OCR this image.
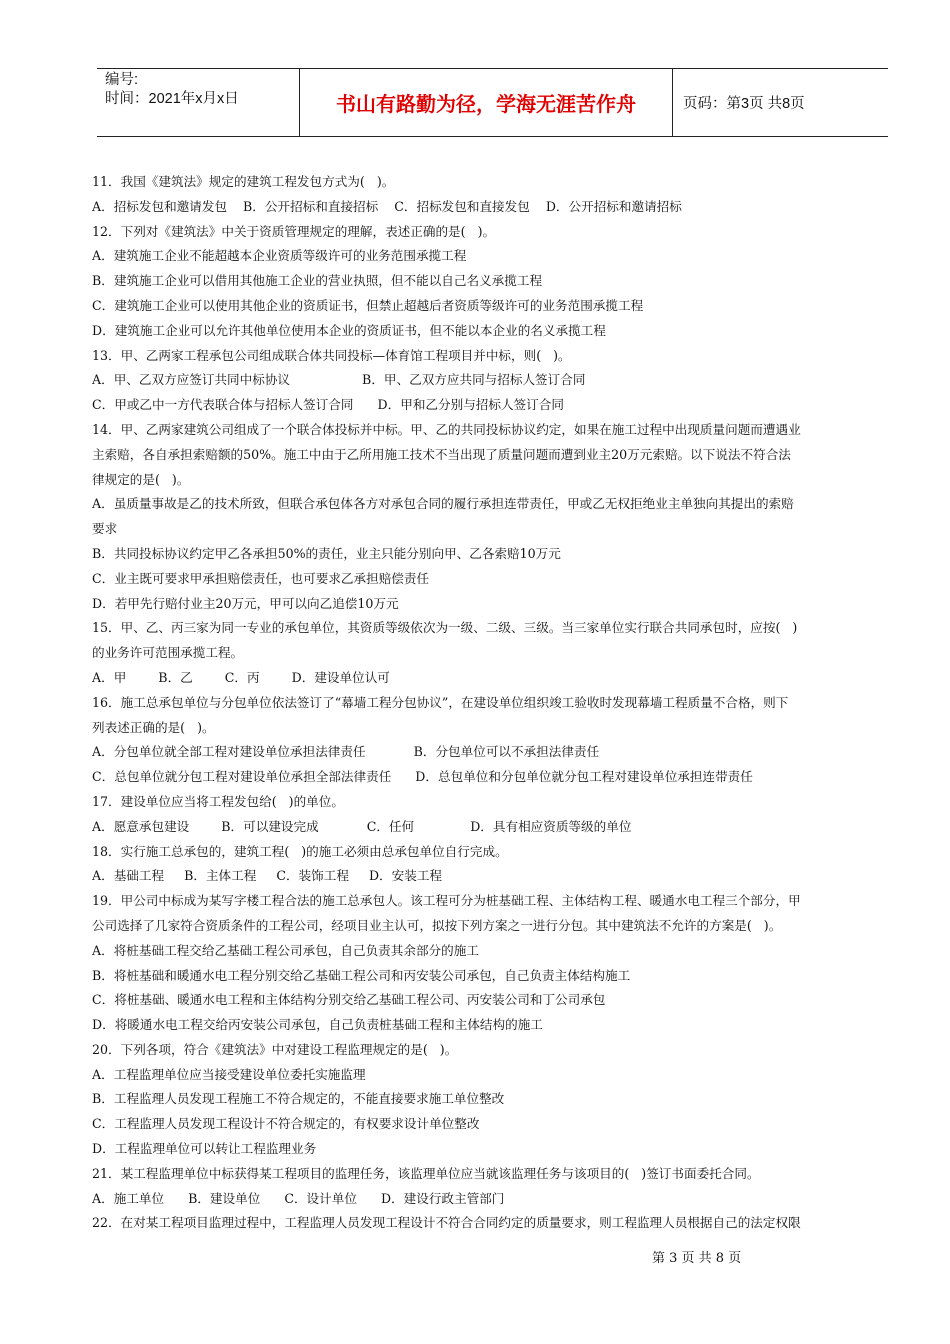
编号:
时间：2021年x月x日	书山有路勤为径，学海无涯苦作舟	页码：第3页 共8页
11．我国《建筑法》规定的建筑工程发包方式为(   )。
A．招标发包和邀请发包    B．公开招标和直接招标    C．招标发包和直接发包    D．公开招标和邀请招标
12．下列对《建筑法》中关于资质管理规定的理解，表述正确的是(   )。
A．建筑施工企业不能超越本企业资质等级许可的业务范围承揽工程
B．建筑施工企业可以借用其他施工企业的营业执照，但不能以自己名义承揽工程
C．建筑施工企业可以使用其他企业的资质证书，但禁止超越后者资质等级许可的业务范围承揽工程
D．建筑施工企业可以允许其他单位使用本企业的资质证书，但不能以本企业的名义承揽工程
13．甲、乙两家工程承包公司组成联合体共同投标—体育馆工程项目并中标，则(   )。
A．甲、乙双方应签订共同中标协议                  B．甲、乙双方应共同与招标人签订合同
C．甲或乙中一方代表联合体与招标人签订合同      D．甲和乙分别与招标人签订合同
14．甲、乙两家建筑公司组成了一个联合体投标并中标。甲、乙的共同投标协议约定，如果在施工过程中出现质量问题而遭遇业
主索赔，各自承担索赔额的50%。施工中由于乙所用施工技术不当出现了质量问题而遭到业主20万元索赔。以下说法不符合法
律规定的是(   )。
A．虽质量事故是乙的技术所致，但联合承包体各方对承包合同的履行承担连带责任，甲或乙无权拒绝业主单独向其提出的索赔
要求
B．共同投标协议约定甲乙各承担50%的责任，业主只能分别向甲、乙各索赔10万元
C．业主既可要求甲承担赔偿责任，也可要求乙承担赔偿责任
D．若甲先行赔付业主20万元，甲可以向乙追偿10万元
15．甲、乙、丙三家为同一专业的承包单位，其资质等级依次为一级、二级、三级。当三家单位实行联合共同承包时，应按(   )
的业务许可范围承揽工程。
A．甲        B．乙        C．丙        D．建设单位认可
16．施工总承包单位与分包单位依法签订了“幕墙工程分包协议”，在建设单位组织竣工验收时发现幕墙工程质量不合格，则下
列表述正确的是(   )。
A．分包单位就全部工程对建设单位承担法律责任            B．分包单位可以不承担法律责任
C．总包单位就分包工程对建设单位承担全部法律责任      D．总包单位和分包单位就分包工程对建设单位承担连带责任
17．建设单位应当将工程发包给(   )的单位。
A．愿意承包建设        B．可以建设完成            C．任何              D．具有相应资质等级的单位
18．实行施工总承包的，建筑工程(   )的施工必须由总承包单位自行完成。
A．基础工程     B．主体工程     C．装饰工程     D．安装工程
19．甲公司中标成为某写字楼工程合法的施工总承包人。该工程可分为桩基础工程、主体结构工程、暖通水电工程三个部分，甲
公司选择了几家符合资质条件的工程公司，经项目业主认可，拟按下列方案之一进行分包。其中建筑法不允许的方案是(   )。
A．将桩基础工程交给乙基础工程公司承包，自己负责其余部分的施工
B．将桩基础和暖通水电工程分别交给乙基础工程公司和丙安装公司承包，自己负责主体结构施工
C．将桩基础、暖通水电工程和主体结构分别交给乙基础工程公司、丙安装公司和丁公司承包
D．将暖通水电工程交给丙安装公司承包，自己负责桩基础工程和主体结构的施工
20．下列各项，符合《建筑法》中对建设工程监理规定的是(   )。
A．工程监理单位应当接受建设单位委托实施监理
B．工程监理人员发现工程施工不符合规定的，不能直接要求施工单位整改
C．工程监理人员发现工程设计不符合规定的，有权要求设计单位整改
D．工程监理单位可以转让工程监理业务
21．某工程监理单位中标获得某工程项目的监理任务，该监理单位应当就该监理任务与该项目的(   )签订书面委托合同。
A．施工单位      B．建设单位      C．设计单位      D．建设行政主管部门
22．在对某工程项目监理过程中，工程监理人员发现工程设计不符合合同约定的质量要求，则工程监理人员根据自己的法定权限
第 3 页 共 8 页
